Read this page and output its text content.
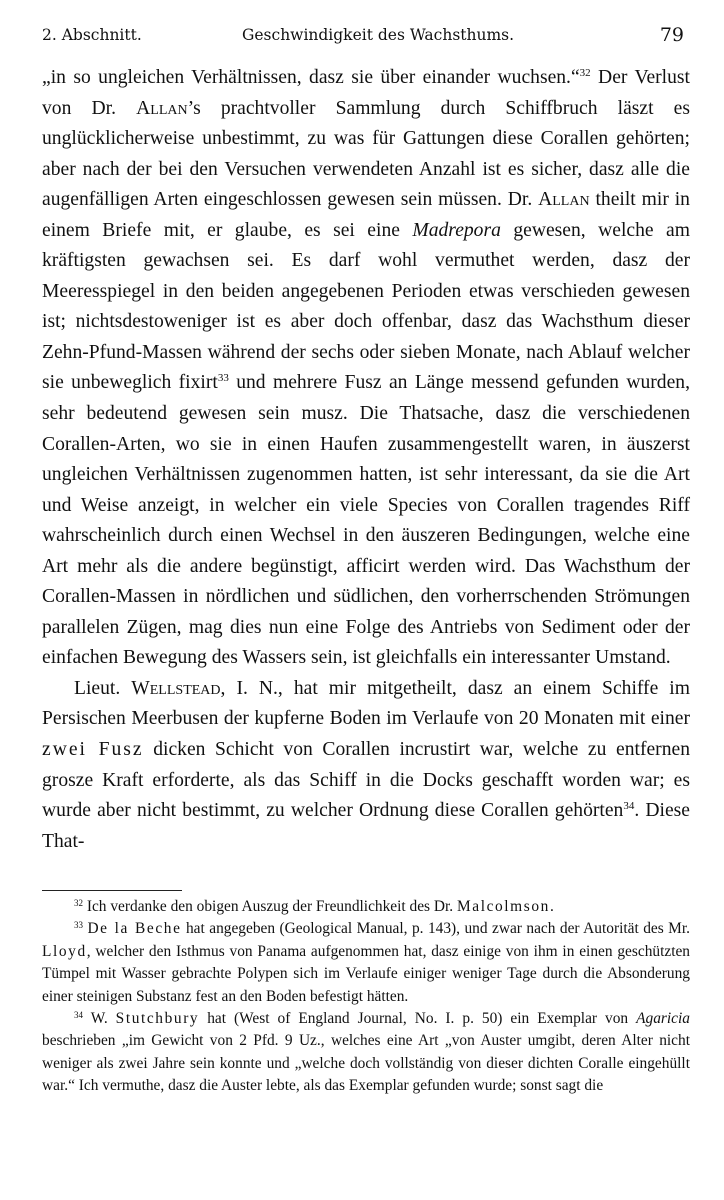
2. Abschnitt.	Geschwindigkeit des Wachsthums.	79

„in so ungleichen Verhältnissen, dasz sie über einander wuchsen.“$^{32}$ Der Verlust von Dr. Allan’s prachtvoller Sammlung durch Schiffbruch läszt es unglücklicherweise unbestimmt, zu was für Gattungen diese Corallen gehörten; aber nach der bei den Versuchen verwendeten Anzahl ist es sicher, dasz alle die augenfälligen Arten eingeschlossen gewesen sein müssen. Dr. Allan theilt mir in einem Briefe mit, er glaube, es sei eine Madrepora gewesen, welche am kräftigsten gewachsen sei. Es darf wohl vermuthet werden, dasz der Meeresspiegel in den beiden angegebenen Perioden etwas verschieden gewesen ist; nichtsdestoweniger ist es aber doch offenbar, dasz das Wachsthum dieser Zehn-Pfund-Massen während der sechs oder sieben Monate, nach Ablauf welcher sie unbeweglich fixirt$^{33}$ und mehrere Fusz an Länge messend gefunden wurden, sehr bedeutend gewesen sein musz. Die Thatsache, dasz die verschiedenen Corallen-Arten, wo sie in einen Haufen zusammengestellt waren, in äuszerst ungleichen Verhältnissen zugenommen hatten, ist sehr interessant, da sie die Art und Weise anzeigt, in welcher ein viele Species von Corallen tragendes Riff wahrscheinlich durch einen Wechsel in den äuszeren Bedingungen, welche eine Art mehr als die andere begünstigt, afficirt werden wird. Das Wachsthum der Corallen-Massen in nördlichen und südlichen, den vorherrschenden Strömungen parallelen Zügen, mag dies nun eine Folge des Antriebs von Sediment oder der einfachen Bewegung des Wassers sein, ist gleichfalls ein interessanter Umstand.

Lieut. Wellstead, I. N., hat mir mitgetheilt, dasz an einem Schiffe im Persischen Meerbusen der kupferne Boden im Verlaufe von 20 Monaten mit einer zwei Fusz dicken Schicht von Corallen incrustirt war, welche zu entfernen grosze Kraft erforderte, als das Schiff in die Docks geschafft worden war; es wurde aber nicht bestimmt, zu welcher Ordnung diese Corallen gehörten$^{34}$. Diese That-

$^{32}$ Ich verdanke den obigen Auszug der Freundlichkeit des Dr. Malcolmson.

$^{33}$ De la Beche hat angegeben (Geological Manual, p. 143), und zwar nach der Autorität des Mr. Lloyd, welcher den Isthmus von Panama aufgenommen hat, dasz einige von ihm in einen geschützten Tümpel mit Wasser gebrachte Polypen sich im Verlaufe einiger weniger Tage durch die Absonderung einer steinigen Substanz fest an den Boden befestigt hätten.

$^{34}$ W. Stutchbury hat (West of England Journal, No. I. p. 50) ein Exemplar von Agaricia beschrieben „im Gewicht von 2 Pfd. 9 Uz., welches eine Art „von Auster umgibt, deren Alter nicht weniger als zwei Jahre sein konnte und „welche doch vollständig von dieser dichten Coralle eingehüllt war.“ Ich vermuthe, dasz die Auster lebte, als das Exemplar gefunden wurde; sonst sagt die
